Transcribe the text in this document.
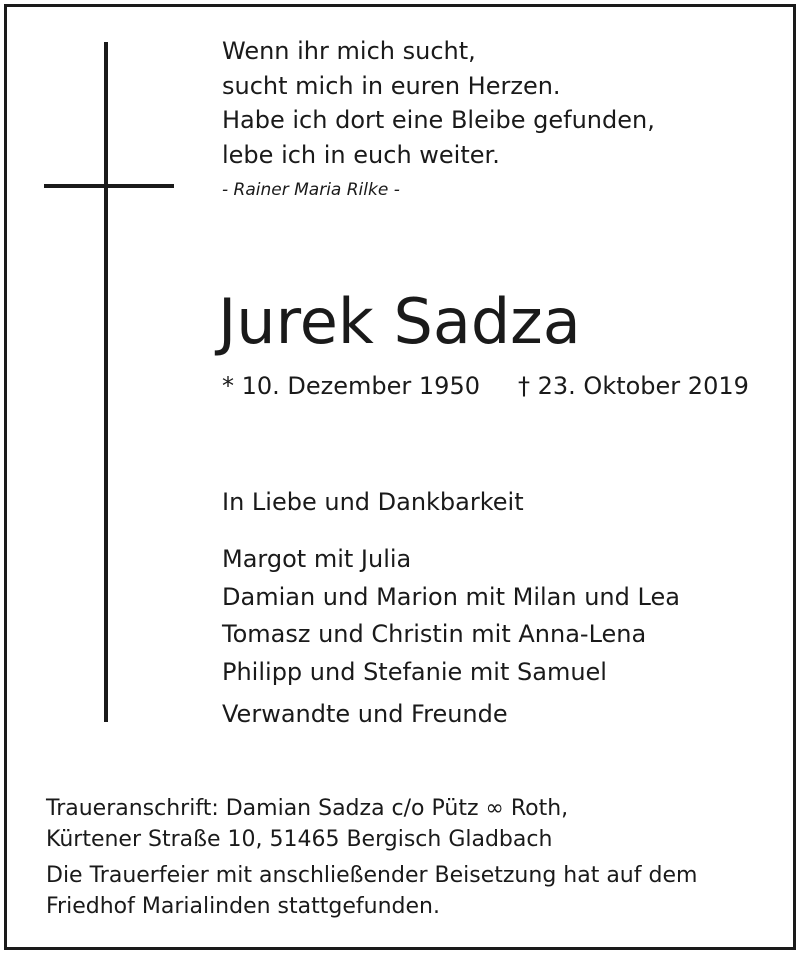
Wenn ihr mich sucht,
sucht mich in euren Herzen.
Habe ich dort eine Bleibe gefunden,
lebe ich in euch weiter.
- Rainer Maria Rilke -
Jurek Sadza
* 10. Dezember 1950 † 23. Oktober 2019
In Liebe und Dankbarkeit
Margot mit Julia
Damian und Marion mit Milan und Lea
Tomasz und Christin mit Anna-Lena
Philipp und Stefanie mit Samuel
Verwandte und Freunde
Traueranschrift: Damian Sadza c/o Pütz ∞ Roth,
Kürtener Straße 10, 51465 Bergisch Gladbach
Die Trauerfeier mit anschließender Beisetzung hat auf dem
Friedhof Marialinden stattgefunden.
